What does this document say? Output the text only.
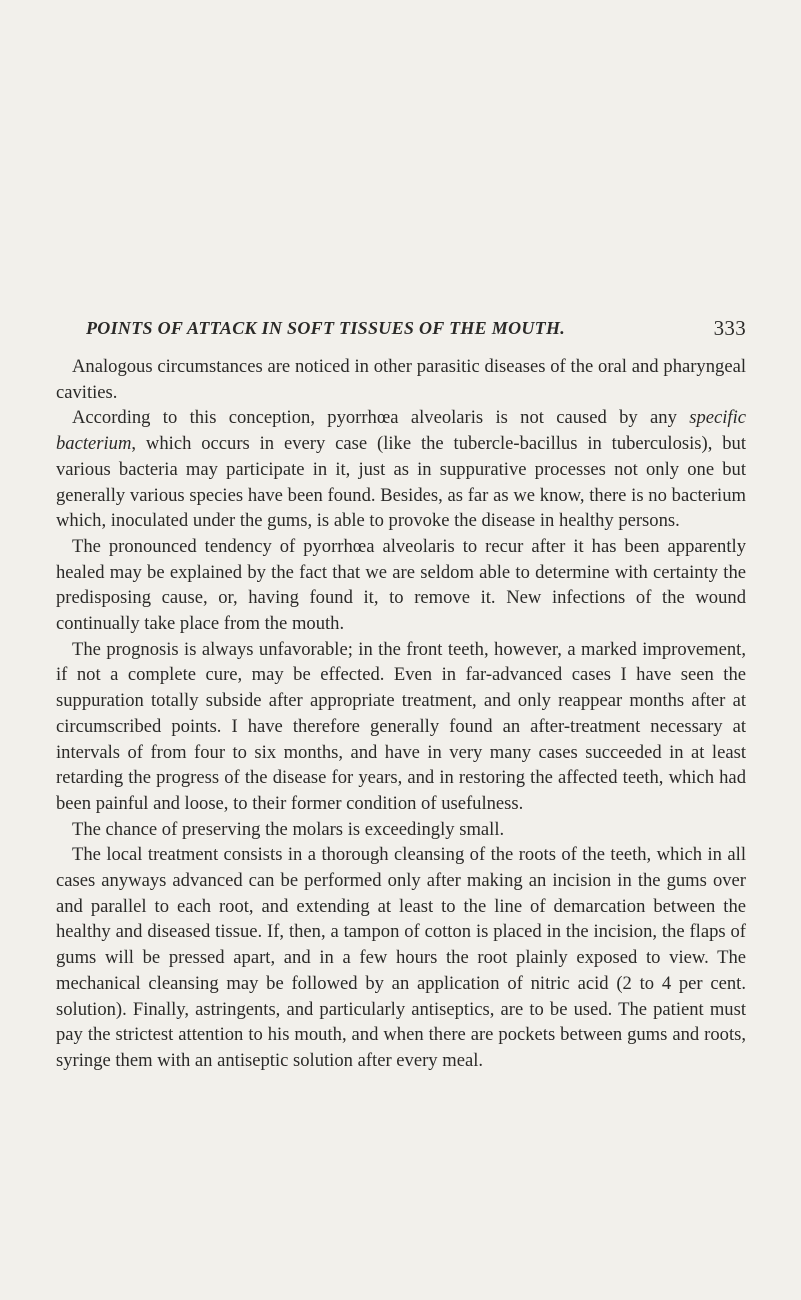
POINTS OF ATTACK IN SOFT TISSUES OF THE MOUTH.	333

Analogous circumstances are noticed in other parasitic diseases of the oral and pharyngeal cavities.

According to this conception, pyorrhœa alveolaris is not caused by any specific bacterium, which occurs in every case (like the tubercle-bacillus in tuberculosis), but various bacteria may participate in it, just as in suppurative processes not only one but generally various species have been found. Besides, as far as we know, there is no bacterium which, inoculated under the gums, is able to provoke the disease in healthy persons.

The pronounced tendency of pyorrhœa alveolaris to recur after it has been apparently healed may be explained by the fact that we are seldom able to determine with certainty the predisposing cause, or, having found it, to remove it. New infections of the wound continually take place from the mouth.

The prognosis is always unfavorable; in the front teeth, however, a marked improvement, if not a complete cure, may be effected. Even in far-advanced cases I have seen the suppuration totally subside after appropriate treatment, and only reappear months after at circumscribed points. I have therefore generally found an after-treatment necessary at intervals of from four to six months, and have in very many cases succeeded in at least retarding the progress of the disease for years, and in restoring the affected teeth, which had been painful and loose, to their former condition of usefulness.

The chance of preserving the molars is exceedingly small.

The local treatment consists in a thorough cleansing of the roots of the teeth, which in all cases anyways advanced can be performed only after making an incision in the gums over and parallel to each root, and extending at least to the line of demarcation between the healthy and diseased tissue. If, then, a tampon of cotton is placed in the incision, the flaps of gums will be pressed apart, and in a few hours the root plainly exposed to view. The mechanical cleansing may be followed by an application of nitric acid (2 to 4 per cent. solution). Finally, astringents, and particularly antiseptics, are to be used. The patient must pay the strictest attention to his mouth, and when there are pockets between gums and roots, syringe them with an antiseptic solution after every meal.
